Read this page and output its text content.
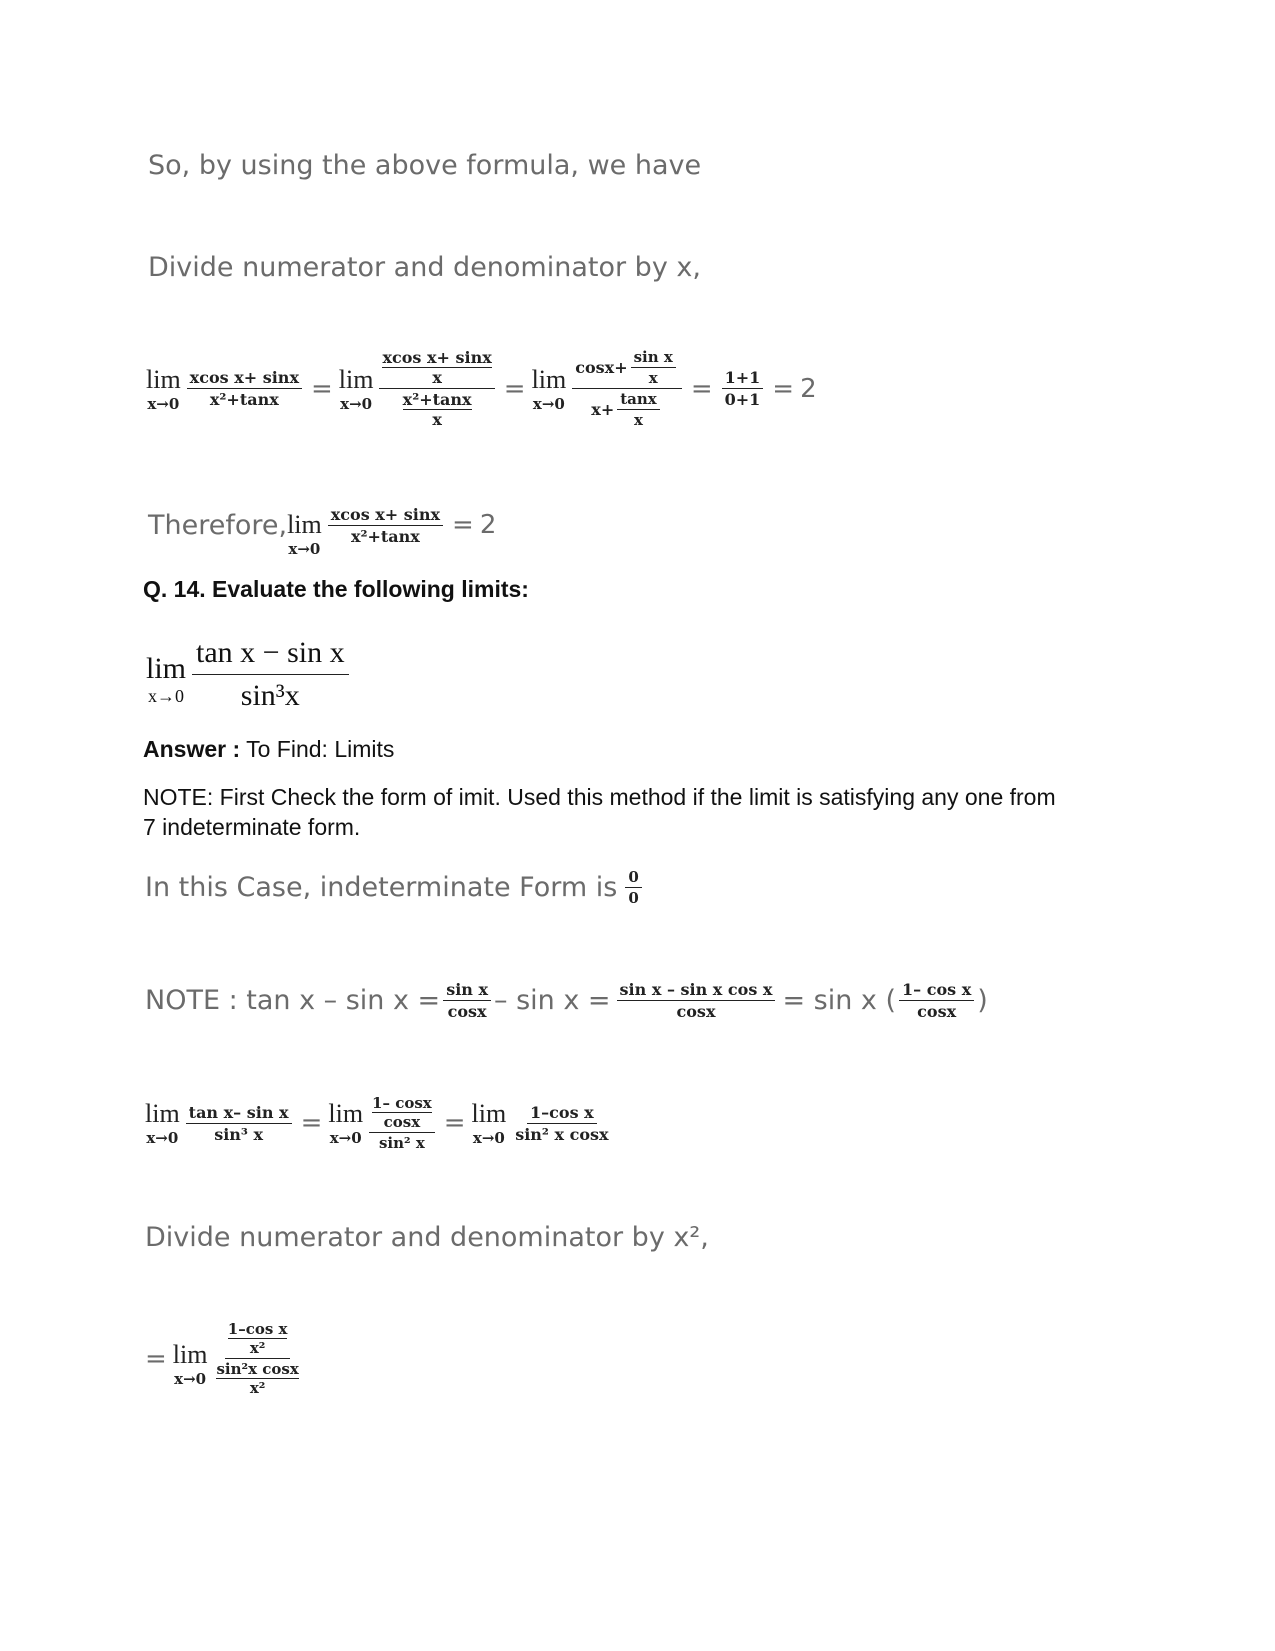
So, by using the above formula, we have
Divide numerator and denominator by x,
lim
$x\to 0 \frac{\text{xcos x+ sinx}}{\text{x²+tanx}} = \lim$
x→0 xcos x+ sinx
x
x²+tanx
x = lim
$x\to 0 \frac{\cos x+ \frac{\text{sin x}}{x}}{x+ \frac{\tan x}{x}} = \frac{1+1}{0+1} = 2$
Therefore, lim
x→0
$\frac{\text{xcos x+ sinx}}{\text{x²+tanx}} = 2$
Q. 14. Evaluate the following limits:
lim
$x\to 0 \frac{\text{tan x − sin x}}{\text{sin³x}}$
Answer : To Find: Limits
NOTE: First Check the form of imit. Used this method if the limit is satisfying any one from 7 indeterminate form.
In this Case, indeterminate Form is $\frac{0}{0}$
NOTE : $\tan x - \sin x = \frac{\text{sin x}}{\cos x} - \sin x = \frac{\text{sin x – sin x cos x}}{\cos x} = \sin x$ ( $\frac{\text{1– cos x}}{\cos x}$ )
lim
$x\to 0 \frac{\text{tan x– sin x}}{\text{sin³ x}} = \lim$
x→0 1– cosx
cosx
sin² x = lim
$x\to 0 \frac{\text{1–cos x}}{\text{sin² x cosx}}$
Divide numerator and denominator by x²,
= lim
x→0 1–cos x
x²
sin²x cosx
x²
